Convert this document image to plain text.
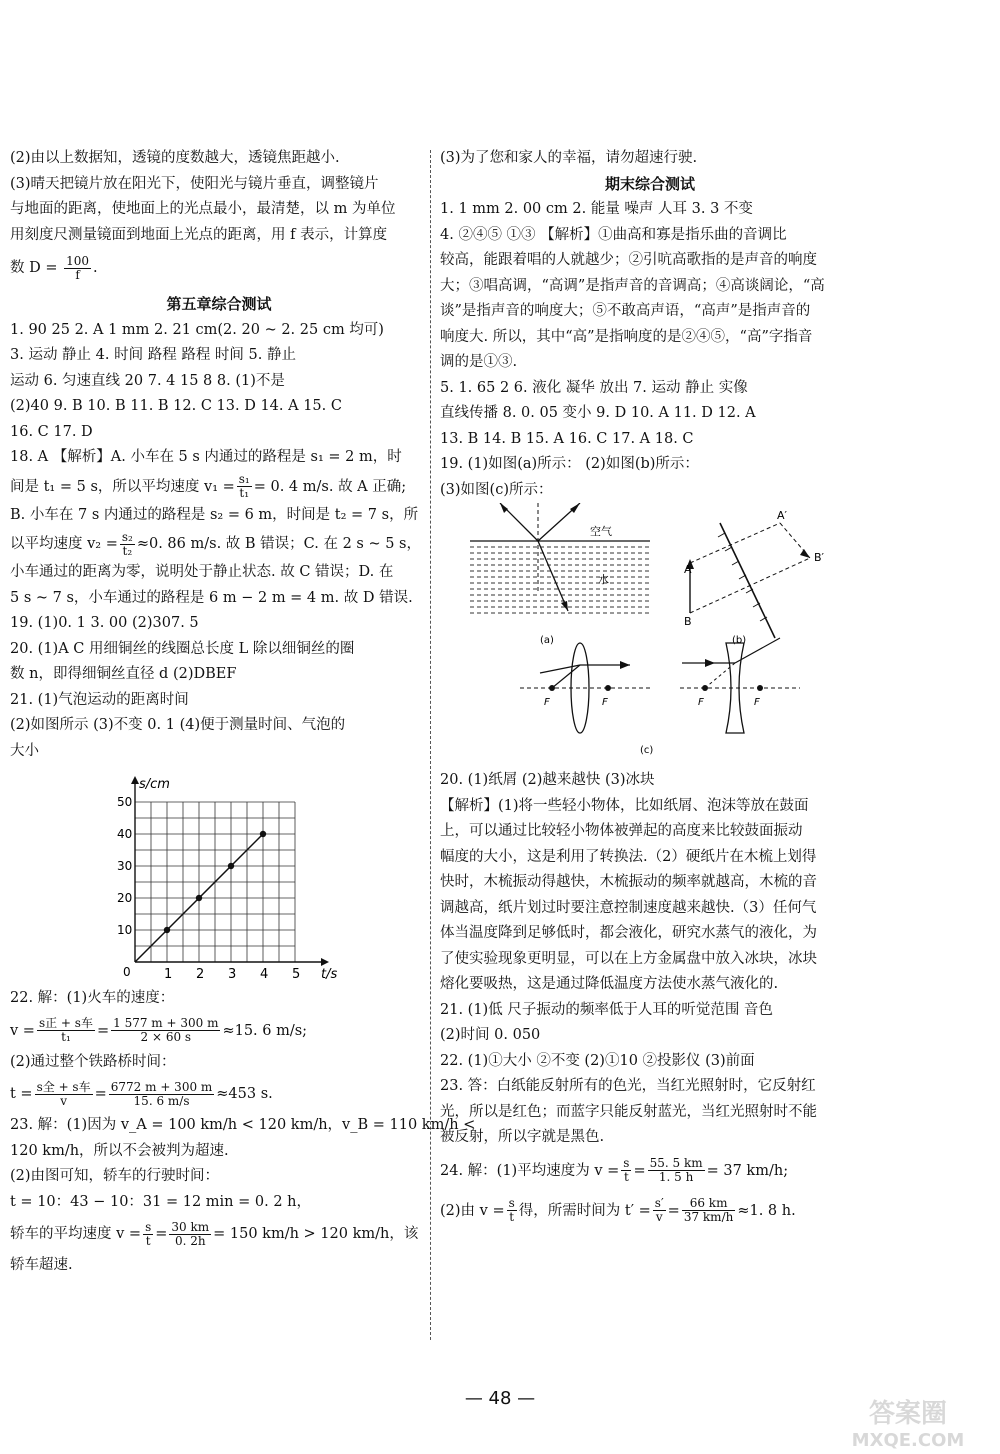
(2)由以上数据知，透镜的度数越大，透镜焦距越小.
(3)晴天把镜片放在阳光下，使阳光与镜片垂直，调整镜片
与地面的距离，使地面上的光点最小，最清楚，以 m 为单位
用刻度尺测量镜面到地面上光点的距离，用 f 表示，计算度
数 $D = \frac{100}{f}$ .
第五章综合测试
1. 90 25 2. A 1 mm 2. 21 cm(2. 20 ~ 2. 25 cm 均可)
3. 运动 静止 4. 时间 路程 路程 时间 5. 静止
运动 6. 匀速直线 20 7. 4 15 8 8. (1)不是
(2)40 9. B 10. B 11. B 12. C 13. D 14. A 15. C
16. C 17. D
18. A 【解析】A. 小车在 5 s 内通过的路程是 s₁ = 2 m，时
间是 t₁ = 5 s，所以平均速度 $v_1 = \frac{\text{s₁}}{\text{t₁}} = 0$. 4 m/s. 故 A 正确;
B. 小车在 7 s 内通过的路程是 s₂ = 6 m，时间是 t₂ = 7 s，所
以平均速度 $v_2 = \frac{\text{s₂}}{\text{t₂}} \approx 0$. 86 m/s. 故 B 错误；C. 在 2 s ~ 5 s，
小车通过的距离为零，说明处于静止状态. 故 C 错误；D. 在
5 s ~ 7 s，小车通过的路程是 6 m − 2 m = 4 m. 故 D 错误.
19. (1)0. 1 3. 00 (2)307. 5
20. (1)A C 用细铜丝的线圈总长度 L 除以细铜丝的圈
数 n，即得细铜丝直径 d (2)DBEF
21. (1)气泡运动的距离时间
(2)如图所示 (3)不变 0. 1 (4)便于测量时间、气泡的
大小
1 2 3 4 5
10
20
30
40
50
0	t/s
s/cm
22. 解：(1)火车的速度：
$v = \frac{\text{s正 + s车}}{\text{t₁}} = \frac{1 577 m + 300 m}{2 \times 60 s} \approx 15$. 6 m/s;
(2)通过整个铁路桥时间：
$t = \frac{\text{s全 + s车}}{v} = \frac{6772 m + 300 m}{15. 6 m/s} \approx 453$ s.
23. 解：(1)因为 v_A = 100 km/h < 120 km/h，v_B = 110 km/h <
120 km/h，所以不会被判为超速.
(2)由图可知，轿车的行驶时间：
t = 10：43 − 10：31 = 12 min = 0. 2 h，
轿车的平均速度 $v = \frac{s}{t} = \frac{30 km}{0. 2h} = 150$ km/h > 120 km/h，该
轿车超速.
(3)为了您和家人的幸福，请勿超速行驶.
期末综合测试
1. 1 mm 2. 00 cm 2. 能量 噪声 人耳 3. 3 不变
4. ②④⑤ ①③ 【解析】①曲高和寡是指乐曲的音调比
较高，能跟着唱的人就越少；②引吭高歌指的是声音的响度
大；③唱高调，“高调”是指声音的音调高；④高谈阔论，“高
谈”是指声音的响度大；⑤不敢高声语，“高声”是指声音的
响度大. 所以，其中“高”是指响度的是②④⑤，“高”字指音
调的是①③.
5. 1. 65 2 6. 液化 凝华 放出 7. 运动 静止 实像
直线传播 8. 0. 05 变小 9. D 10. A 11. D 12. A
13. B 14. B 15. A 16. C 17. A 18. C
19. (1)如图(a)所示： (2)如图(b)所示：
(3)如图(c)所示：
空气
水
(a)
A
B
A′
B′
(b)
F	F	F	F
(c)
20. (1)纸屑 (2)越来越快 (3)冰块
【解析】(1)将一些轻小物体，比如纸屑、泡沫等放在鼓面
上，可以通过比较轻小物体被弹起的高度来比较鼓面振动
幅度的大小，这是利用了转换法.（2）硬纸片在木梳上划得
快时，木梳振动得越快，木梳振动的频率就越高，木梳的音
调越高，纸片划过时要注意控制速度越来越快.（3）任何气
体当温度降到足够低时，都会液化，研究水蒸气的液化，为
了使实验现象更明显，可以在上方金属盘中放入冰块，冰块
熔化要吸热，这是通过降低温度方法使水蒸气液化的.
21. (1)低 尺子振动的频率低于人耳的听觉范围 音色
(2)时间 0. 050
22. (1)①大小 ②不变 (2)①10 ②投影仪 (3)前面
23. 答：白纸能反射所有的色光，当红光照射时，它反射红
光，所以是红色；而蓝字只能反射蓝光，当红光照射时不能
被反射，所以字就是黑色.
24. 解：(1)平均速度为 $v = \frac{s}{t} = \frac{55. 5 km}{1. 5 h} = 37$ km/h;
(2)由 $v = \frac{s}{t}$ 得，所需时间为 $t' = \frac{s'}{v} = \frac{66 km}{37 km/h} \approx 1$. 8 h.
— 48 —
答案圈
MXQE.COM
